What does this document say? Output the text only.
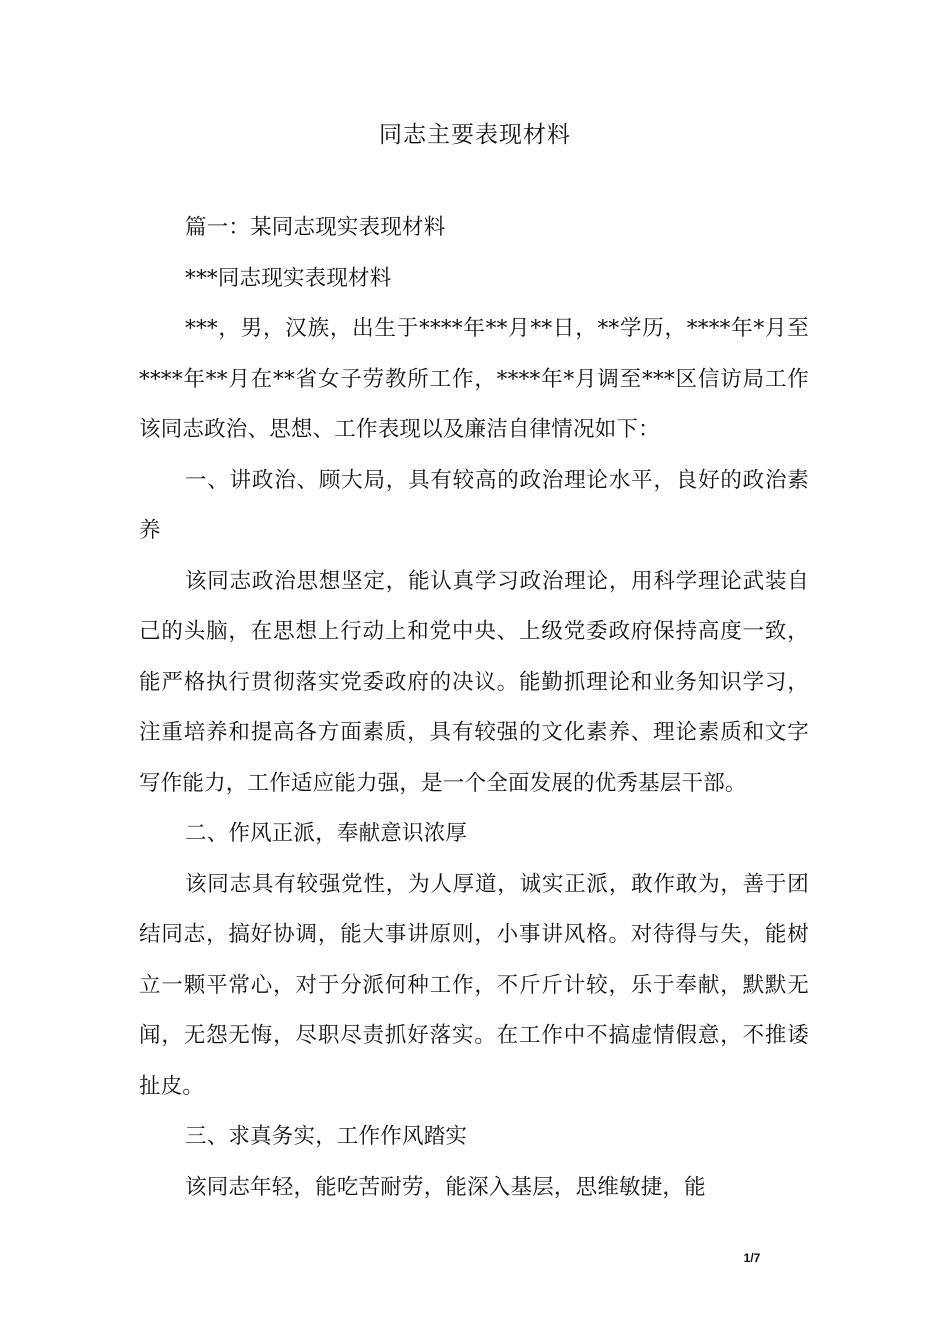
同志主要表现材料

篇一：某同志现实表现材料

***同志现实表现材料

***，男，汉族，出生于****年**月**日，**学历，****年*月至****年**月在**省女子劳教所工作，****年*月调至***区信访局工作该同志政治、思想、工作表现以及廉洁自律情况如下：

一、讲政治、顾大局，具有较高的政治理论水平，良好的政治素养

该同志政治思想坚定，能认真学习政治理论，用科学理论武装自己的头脑，在思想上行动上和党中央、上级党委政府保持高度一致，能严格执行贯彻落实党委政府的决议。能勤抓理论和业务知识学习，注重培养和提高各方面素质，具有较强的文化素养、理论素质和文字写作能力，工作适应能力强，是一个全面发展的优秀基层干部。

二、作风正派，奉献意识浓厚

该同志具有较强党性，为人厚道，诚实正派，敢作敢为，善于团结同志，搞好协调，能大事讲原则，小事讲风格。对待得与失，能树立一颗平常心，对于分派何种工作，不斤斤计较，乐于奉献，默默无闻，无怨无悔，尽职尽责抓好落实。在工作中不搞虚情假意，不推诿扯皮。

三、求真务实，工作作风踏实

该同志年轻，能吃苦耐劳，能深入基层，思维敏捷，能

1/7
